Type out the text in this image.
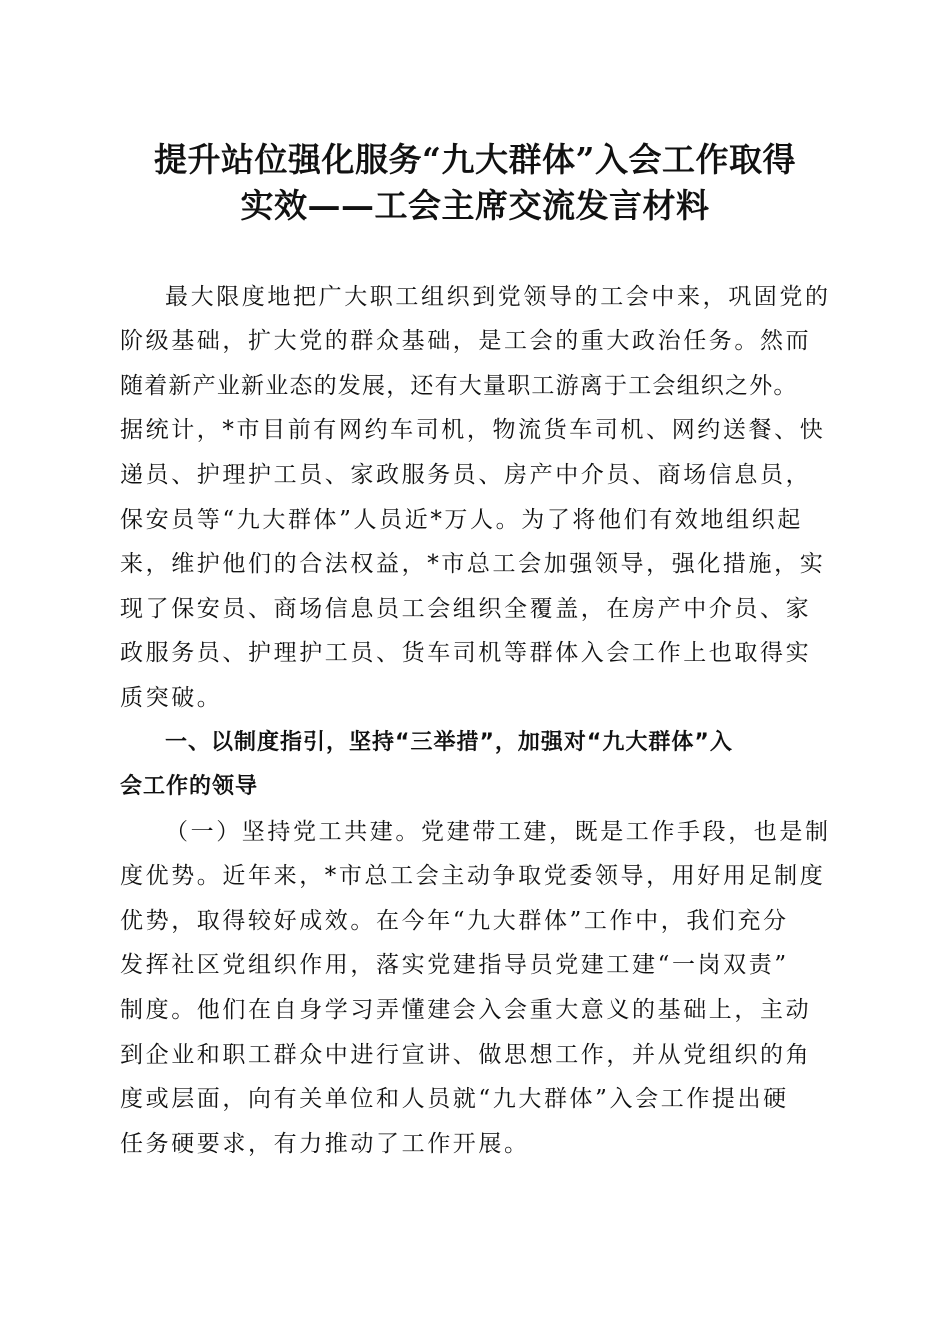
提升站位强化服务“九大群体”入会工作取得
实效——工会主席交流发言材料
最大限度地把广大职工组织到党领导的工会中来，巩固党的
阶级基础，扩大党的群众基础，是工会的重大政治任务。然而
随着新产业新业态的发展，还有大量职工游离于工会组织之外。
据统计，*市目前有网约车司机，物流货车司机、网约送餐、快
递员、护理护工员、家政服务员、房产中介员、商场信息员，
保安员等“九大群体”人员近*万人。为了将他们有效地组织起
来，维护他们的合法权益，*市总工会加强领导，强化措施，实
现了保安员、商场信息员工会组织全覆盖，在房产中介员、家
政服务员、护理护工员、货车司机等群体入会工作上也取得实
质突破。
一、以制度指引，坚持“三举措”，加强对“九大群体”入
会工作的领导
（一）坚持党工共建。党建带工建，既是工作手段，也是制
度优势。近年来，*市总工会主动争取党委领导，用好用足制度
优势，取得较好成效。在今年“九大群体”工作中，我们充分
发挥社区党组织作用，落实党建指导员党建工建“一岗双责”
制度。他们在自身学习弄懂建会入会重大意义的基础上，主动
到企业和职工群众中进行宣讲、做思想工作，并从党组织的角
度或层面，向有关单位和人员就“九大群体”入会工作提出硬
任务硬要求，有力推动了工作开展。
